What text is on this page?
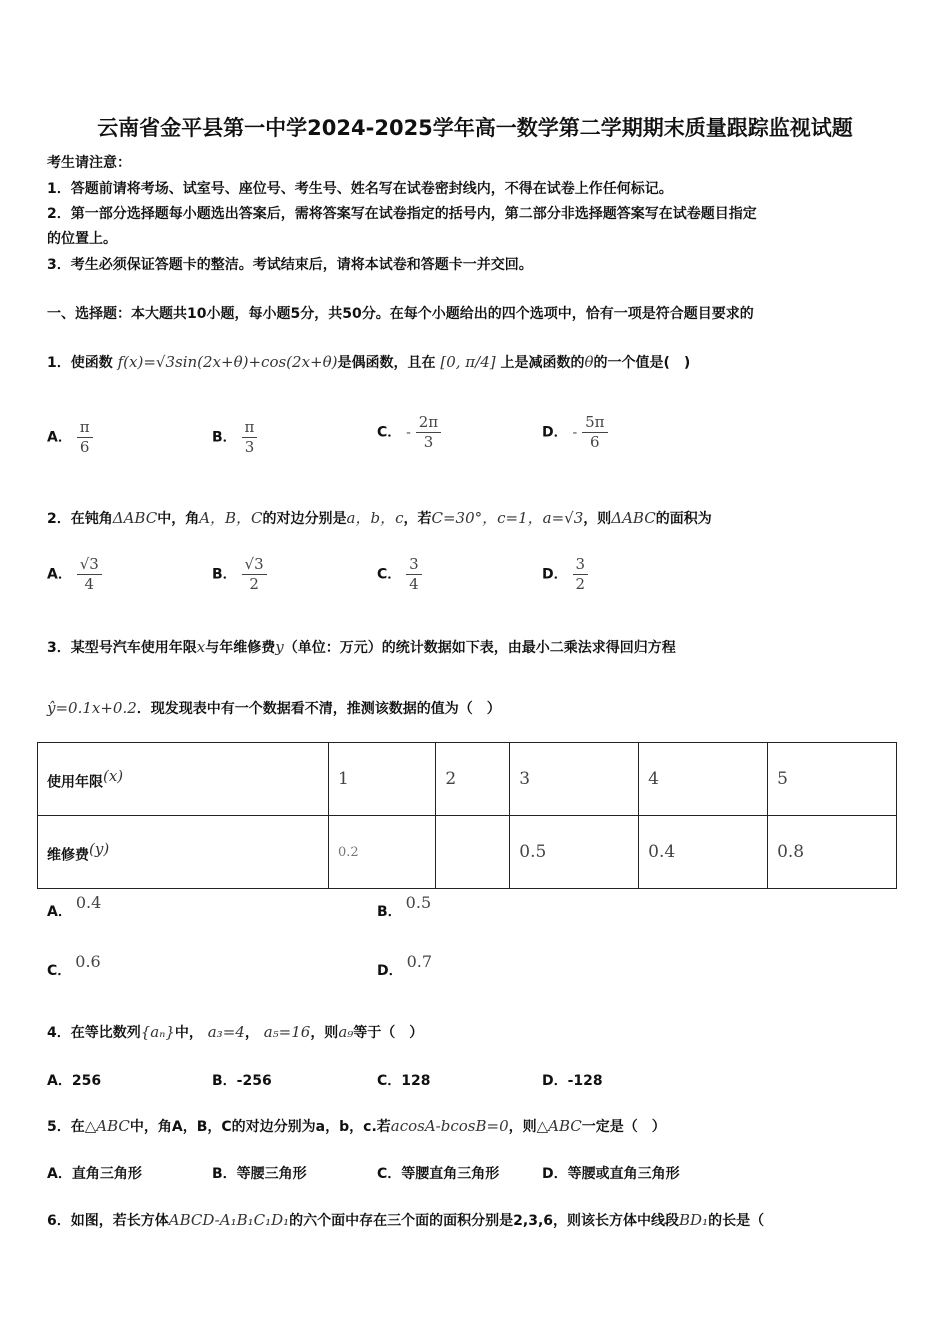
云南省金平县第一中学2024-2025学年高一数学第二学期期末质量跟踪监视试题
考生请注意：
1．答题前请将考场、试室号、座位号、考生号、姓名写在试卷密封线内，不得在试卷上作任何标记。
2．第一部分选择题每小题选出答案后，需将答案写在试卷指定的括号内，第二部分非选择题答案写在试卷题目指定
的位置上。
3．考生必须保证答题卡的整洁。考试结束后，请将本试卷和答题卡一并交回。
一、选择题：本大题共10小题，每小题5分，共50分。在每个小题给出的四个选项中，恰有一项是符合题目要求的
1．使函数 f(x)=√3sin(2x+θ)+cos(2x+θ)是偶函数，且在 [0, π/4] 上是减函数的θ的一个值是(　)
A． $\frac{\pi}{6}$	B． $\frac{\pi}{3}$	C． - $\frac{2\pi}{3}$	D． - $\frac{5\pi}{6}$
2．在钝角ΔABC中，角A，B，C的对边分别是a，b，c，若C=30°，c=1，a=√3，则ΔABC的面积为
A． $\frac{√3}{4}$	B． $\frac{√3}{2}$	C． $\frac{3}{4}$	D． $\frac{3}{2}$
3．某型号汽车使用年限x与年维修费y（单位：万元）的统计数据如下表，由最小二乘法求得回归方程
ŷ=0.1x+0.2．现发现表中有一个数据看不清，推测该数据的值为（　）
使用年限$^{(x)}$	1	2	3	4	5
维修费$^{(y)}$	0.2		0.5	0.4	0.8
A． 0.4	B． 0.5
C． 0.6	D． 0.7
4．在等比数列{aₙ}中， a₃=4， a₅=16，则a₉等于（　）
A．256	B．-256	C．128	D．-128
5．在△ABC中，角A，B，C的对边分别为a，b，c.若acosA-bcosB=0，则△ABC一定是（　）
A．直角三角形	B．等腰三角形	C．等腰直角三角形	D．等腰或直角三角形
6．如图，若长方体ABCD-A₁B₁C₁D₁的六个面中存在三个面的面积分别是2,3,6，则该长方体中线段BD₁的长是（
